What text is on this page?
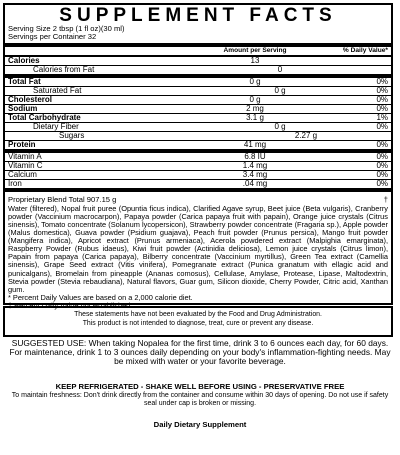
SUPPLEMENT FACTS
Serving Size 2 tbsp (1 fl oz)(30 ml)
Servings per Container 32
Amount per Serving	% Daily Value*
Calories	13
Calories from Fat	0
Total Fat	0 g	0%
Saturated Fat	0 g	0%
Cholesterol	0 g	0%
Sodium	2 mg	0%
Total Carbohydrate	3.1 g	1%
Dietary Fiber	0 g	0%
Sugars	2.27 g
Protein	41 mg	0%
Vitamin A	6.8 IU	0%
Vitamin C	1.4 mg	0%
Calcium	3.4 mg	0%
Iron	.04 mg	0%
Proprietary Blend Total 907.15 g	†
Water (filtered), Nopal fruit puree (Opuntia ficus indica), Clarified Agave syrup, Beet juice (Beta vulgaris), Cranberry powder (Vaccinium macrocarpon), Papaya powder (Carica papaya fruit with papain), Orange juice crystals (Citrus sinensis), Tomato concentrate (Solanum lycopersicon), Strawberry powder concentrate (Fragaria sp.), Apple powder (Malus domestica), Guava powder (Psidium guajava), Peach fruit powder (Prunus persica), Mango fruit powder (Mangifera indica), Apricot extract (Prunus armeniaca), Acerola powdered extract (Malpighia emarginata), Raspberry Powder (Rubus idaeus), Kiwi fruit powder (Actinidia deliciosa), Lemon juice crystals (Citrus limon), Papain from papaya (Carica papaya), Bilberry concentrate (Vaccinium myrtillus), Green Tea extract (Camellia sinensis), Grape Seed extract (Vitis vinifera), Pomegranate extract (Punica granatum with ellagic acid and punicalgans), Bromelain from pineapple (Ananas comosus), Cellulase, Amylase, Protease, Lipase, Maltodextrin, Stevia powder (Stevia rebaudiana), Natural flavors, Guar gum, Silicon dioxide, Cherry Powder, Citric acid, Xanthan gum.
* Percent Daily Values are based on a 2,000 calorie diet.
† Percent Daily Value not established.
These statements have not been evaluated by the Food and Drug Administration.
This product is not intended to diagnose, treat, cure or prevent any disease.
SUGGESTED USE: When taking Nopalea for the first time, drink 3 to 6 ounces each day, for 60 days. For maintenance, drink 1 to 3 ounces daily depending on your body's inflammation-fighting needs. May be mixed with water or your favorite beverage.
KEEP REFRIGERATED - SHAKE WELL BEFORE USING - PRESERVATIVE FREE
To maintain freshness: Don't drink directly from the container and consume within 30 days of opening. Do not use if safety seal under cap is broken or missing.
Daily Dietary Supplement
